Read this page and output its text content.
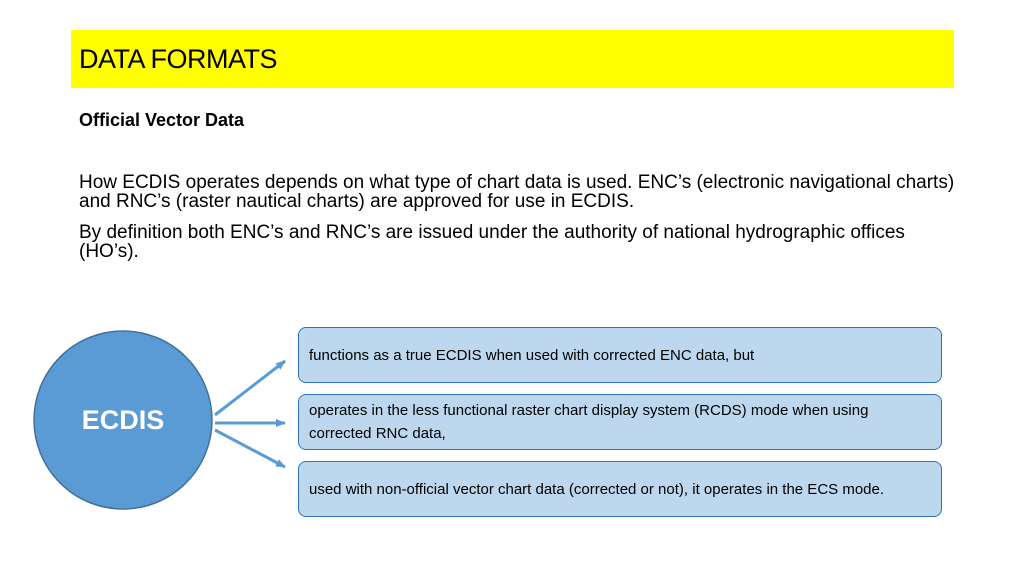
DATA FORMATS

Official Vector Data

How ECDIS operates depends on what type of chart data is used. ENC’s (electronic navigational charts) and RNC’s (raster nautical charts) are approved for use in ECDIS.

By definition both ENC’s and RNC’s are issued under the authority of national hydrographic offices (HO’s).

ECDIS
functions as a true ECDIS when used with corrected ENC data, but
operates in the less functional raster chart display system (RCDS) mode when using corrected RNC data,
used with non-official vector chart data (corrected or not), it operates in the ECS mode.
